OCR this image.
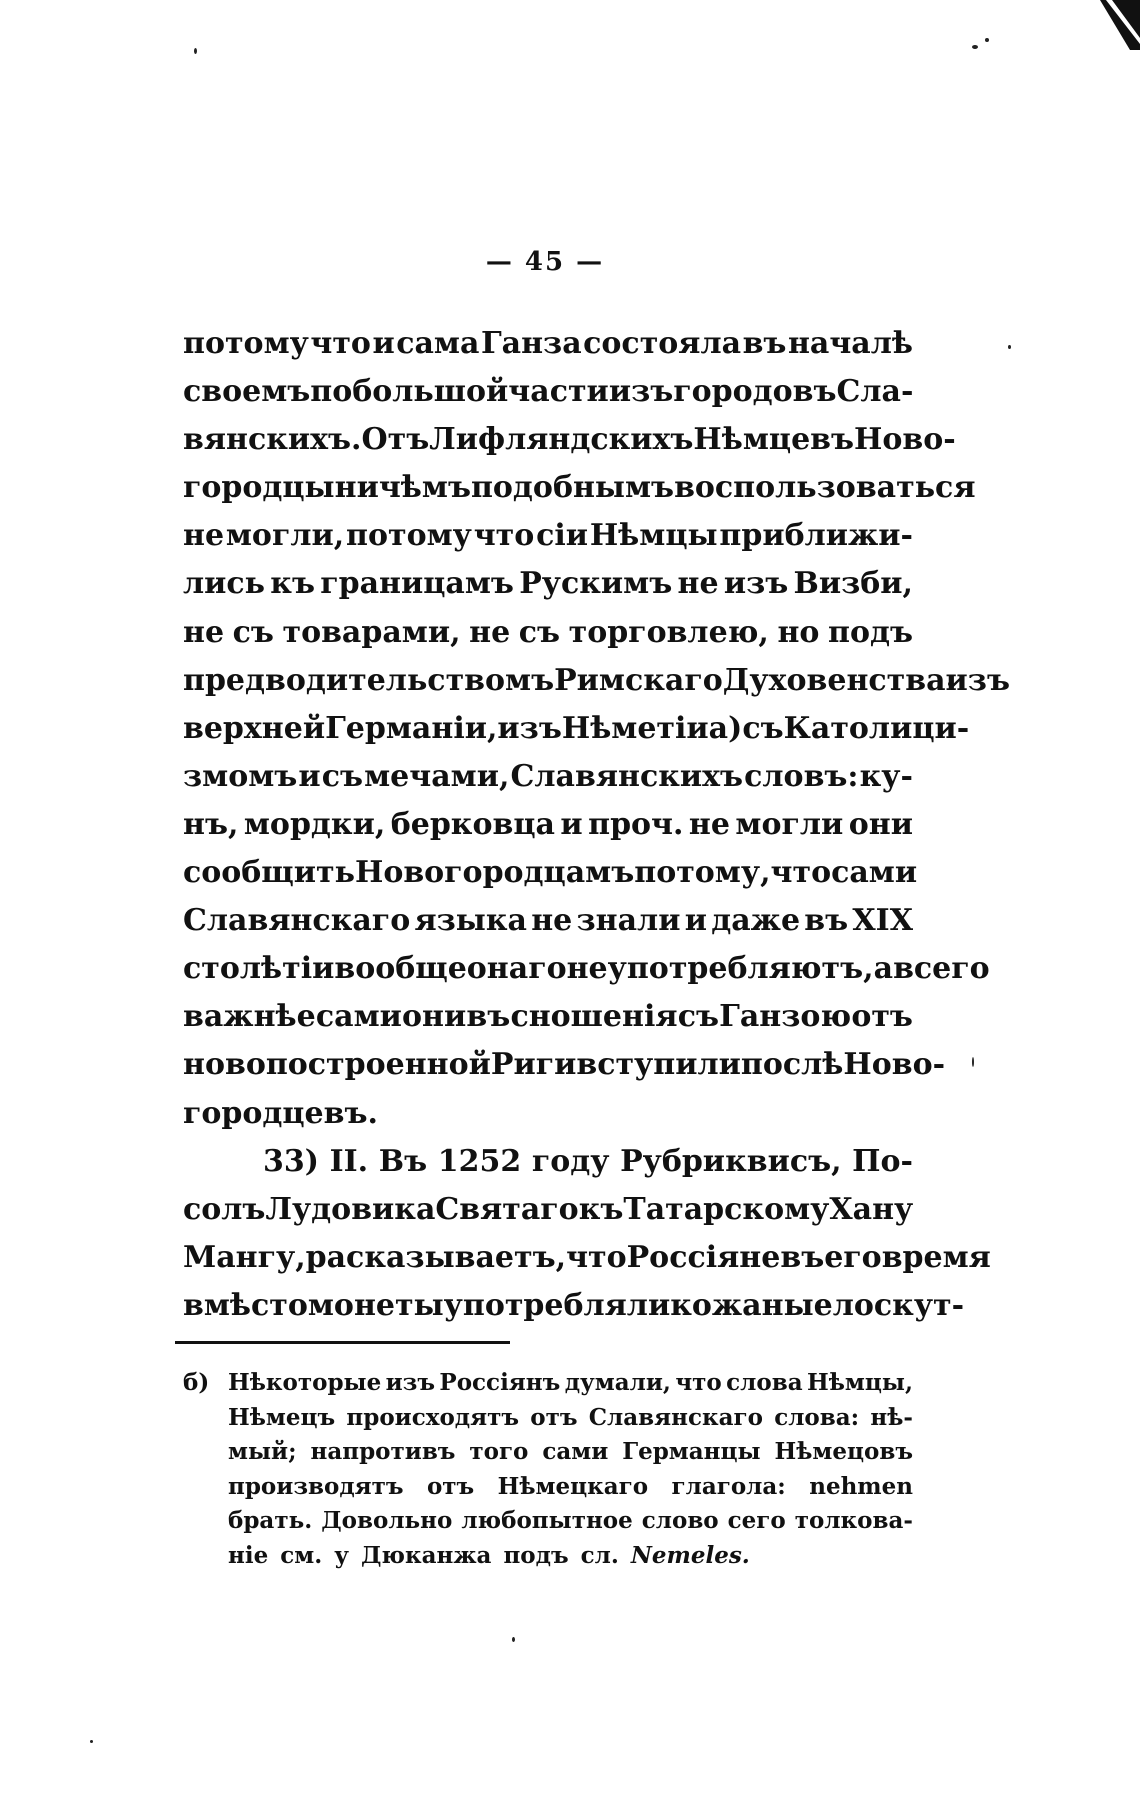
— 45 —
потому что и сама Ганза состояла въ началѣ
своемъ по большой части изъ городовъ Сла-
вянскихъ. Отъ Лифляндскихъ Нѣмцевъ Ново-
городцы ничѣмъ подобнымъ воспользоваться
не могли, потому что сіи Нѣмцы приближи-
лись къ границамъ Рускимъ не изъ Визби,
не съ товарами, не съ торговлею, но подъ
предводительствомъ Римскаго Духовенства изъ
верхней Германіи, изъ Нѣметіи а) съ Католици-
змомъ и съ мечами, Славянскихъ словъ: ку-
нъ, мордки, берковца и проч. не могли они
сообщить Новогородцамъ потому, что сами
Славянскаго языка не знали и даже въ XIX
столѣтіи вообще онаго не употребляютъ, а всего
важнѣе сами они въ сношенія съ Ганзою отъ
новопостроенной Риги вступили послѣ Ново-
городцевъ.
33) II. Въ 1252 году Рубриквисъ, По-
солъ Лудовика Святаго къ Татарскому Хану
Мангу, расказываетъ, что Россіяне въ его время
вмѣсто монеты употребляли кожаные лоскут-
б) Нѣкоторые изъ Россіянъ думали, что слова Нѣмцы,
Нѣмецъ происходятъ отъ Славянскаго слова: нѣ-
мый; напротивъ того сами Германцы Нѣмецовъ
производятъ отъ Нѣмецкаго глагола: nehmen
брать. Довольно любопытное слово сего толкова-
ніе см. у Дюканжа подъ сл. Nemeles.
